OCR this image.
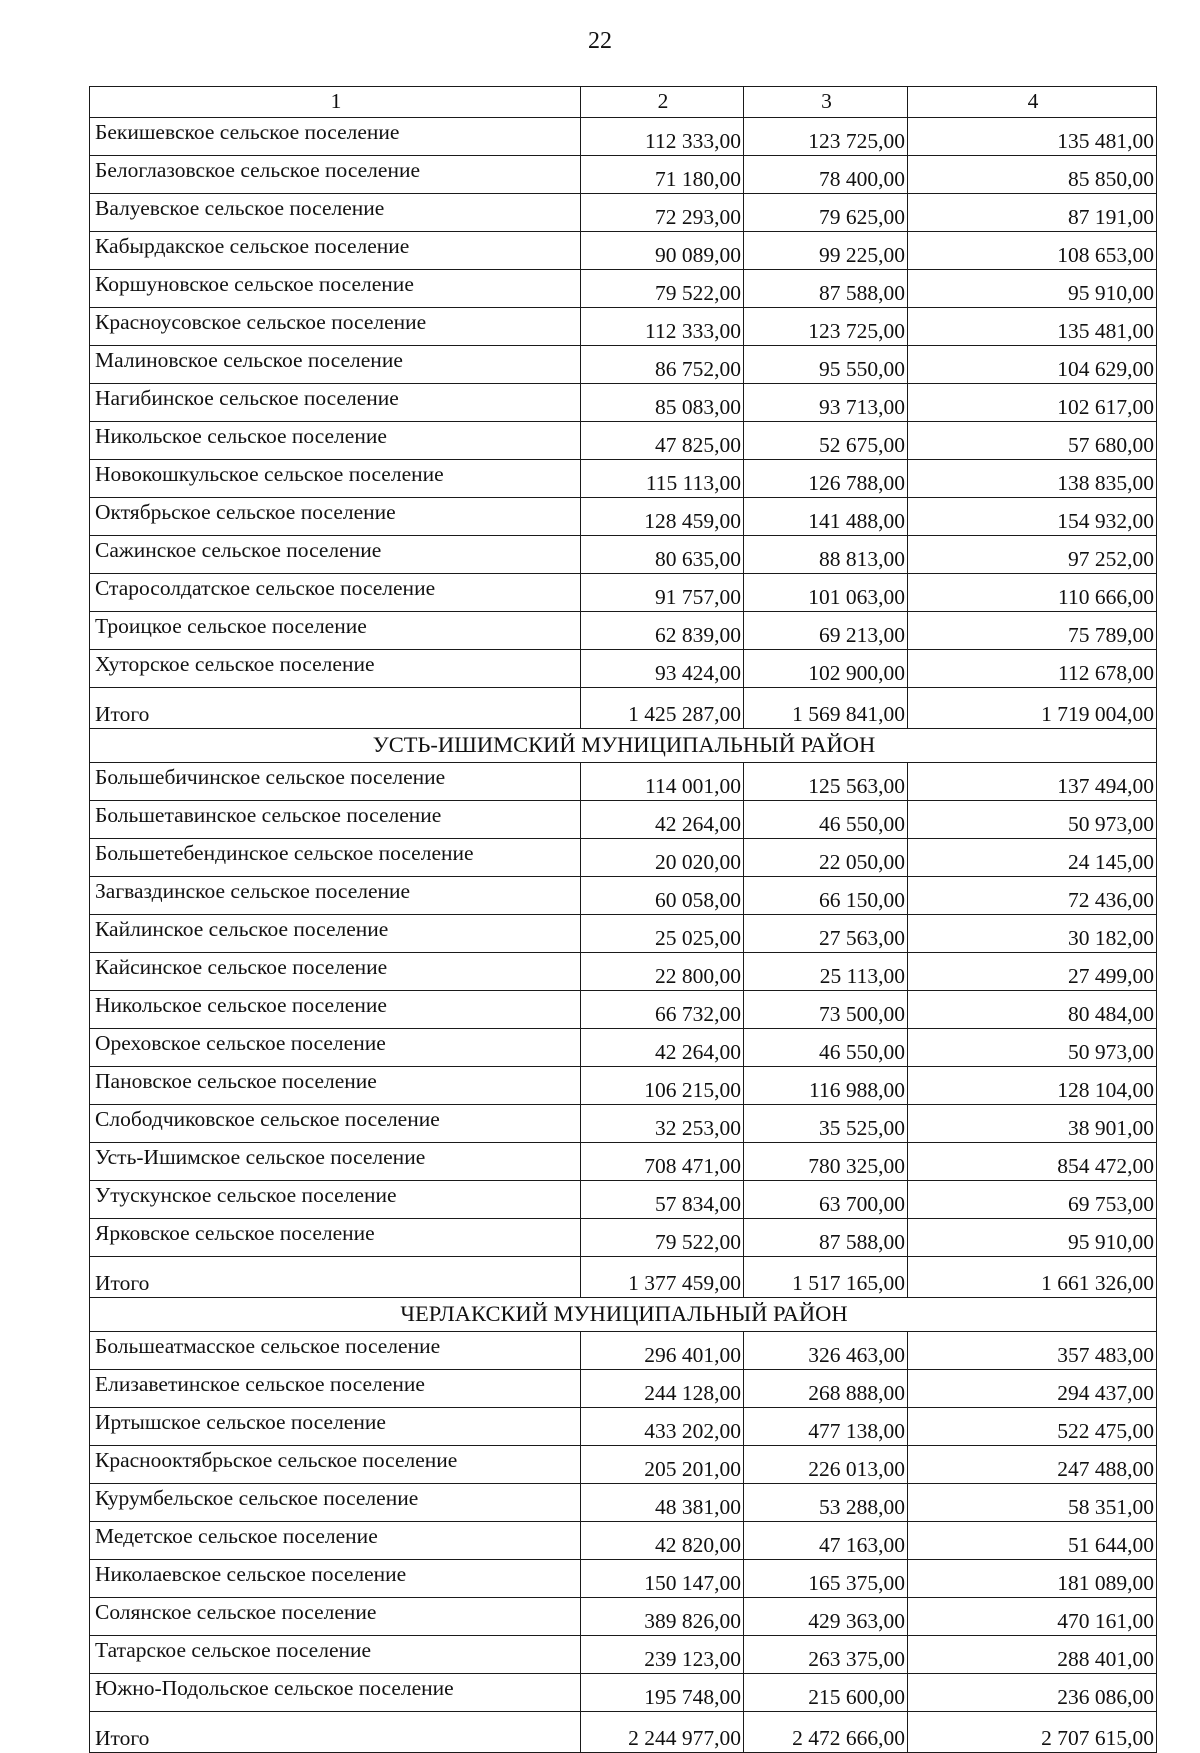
22
1	2	3	4
Бекишевское сельское поселение	112 333,00	123 725,00	135 481,00
Белоглазовское сельское поселение	71 180,00	78 400,00	85 850,00
Валуевское сельское поселение	72 293,00	79 625,00	87 191,00
Кабырдакское сельское поселение	90 089,00	99 225,00	108 653,00
Коршуновское сельское поселение	79 522,00	87 588,00	95 910,00
Красноусовское сельское поселение	112 333,00	123 725,00	135 481,00
Малиновское сельское поселение	86 752,00	95 550,00	104 629,00
Нагибинское сельское поселение	85 083,00	93 713,00	102 617,00
Никольское сельское поселение	47 825,00	52 675,00	57 680,00
Новокошкульское сельское поселение	115 113,00	126 788,00	138 835,00
Октябрьское сельское поселение	128 459,00	141 488,00	154 932,00
Сажинское сельское поселение	80 635,00	88 813,00	97 252,00
Старосолдатское сельское поселение	91 757,00	101 063,00	110 666,00
Троицкое сельское поселение	62 839,00	69 213,00	75 789,00
Хуторское сельское поселение	93 424,00	102 900,00	112 678,00
Итого	1 425 287,00	1 569 841,00	1 719 004,00
УСТЬ-ИШИМСКИЙ МУНИЦИПАЛЬНЫЙ РАЙОН			
Большебичинское сельское поселение	114 001,00	125 563,00	137 494,00
Большетавинское сельское поселение	42 264,00	46 550,00	50 973,00
Большетебендинское сельское поселение	20 020,00	22 050,00	24 145,00
Загваздинское сельское поселение	60 058,00	66 150,00	72 436,00
Кайлинское сельское поселение	25 025,00	27 563,00	30 182,00
Кайсинское сельское поселение	22 800,00	25 113,00	27 499,00
Никольское сельское поселение	66 732,00	73 500,00	80 484,00
Ореховское сельское поселение	42 264,00	46 550,00	50 973,00
Пановское сельское поселение	106 215,00	116 988,00	128 104,00
Слободчиковское сельское поселение	32 253,00	35 525,00	38 901,00
Усть-Ишимское сельское поселение	708 471,00	780 325,00	854 472,00
Утускунское сельское поселение	57 834,00	63 700,00	69 753,00
Ярковское сельское поселение	79 522,00	87 588,00	95 910,00
Итого	1 377 459,00	1 517 165,00	1 661 326,00
ЧЕРЛАКСКИЙ МУНИЦИПАЛЬНЫЙ РАЙОН			
Большеатмасское сельское поселение	296 401,00	326 463,00	357 483,00
Елизаветинское сельское поселение	244 128,00	268 888,00	294 437,00
Иртышское сельское поселение	433 202,00	477 138,00	522 475,00
Краснооктябрьское сельское поселение	205 201,00	226 013,00	247 488,00
Курумбельское сельское поселение	48 381,00	53 288,00	58 351,00
Медетское сельское поселение	42 820,00	47 163,00	51 644,00
Николаевское сельское поселение	150 147,00	165 375,00	181 089,00
Солянское сельское поселение	389 826,00	429 363,00	470 161,00
Татарское сельское поселение	239 123,00	263 375,00	288 401,00
Южно-Подольское сельское поселение	195 748,00	215 600,00	236 086,00
Итого	2 244 977,00	2 472 666,00	2 707 615,00
